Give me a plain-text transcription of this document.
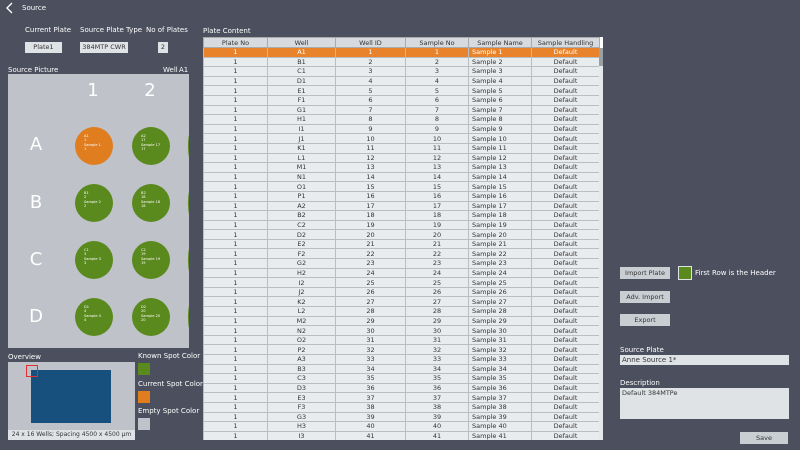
Source
Current Plate
Plate1
Source Plate Type
384MTP CWR
No of Plates
2
Source Picture	Well A1
1	2
A
B
C
D
A1
1
Sample 1
1
A2
17
Sample 17
17
B1
2
Sample 2
2
B2
18
Sample 18
18
C1
3
Sample 3
3
C2
19
Sample 19
19
D1
4
Sample 4
4
D2
20
Sample 20
20
Overview
24 x 16 Wells; Spacing 4500 x 4500 µm
Known Spot Color
Current Spot Color
Empty Spot Color
Plate Content
Plate No	Well	Well ID	Sample No	Sample Name	Sample Handling
1	A1	1	1	Sample 1	Default
1	B1	2	2	Sample 2	Default
1	C1	3	3	Sample 3	Default
1	D1	4	4	Sample 4	Default
1	E1	5	5	Sample 5	Default
1	F1	6	6	Sample 6	Default
1	G1	7	7	Sample 7	Default
1	H1	8	8	Sample 8	Default
1	I1	9	9	Sample 9	Default
1	J1	10	10	Sample 10	Default
1	K1	11	11	Sample 11	Default
1	L1	12	12	Sample 12	Default
1	M1	13	13	Sample 13	Default
1	N1	14	14	Sample 14	Default
1	O1	15	15	Sample 15	Default
1	P1	16	16	Sample 16	Default
1	A2	17	17	Sample 17	Default
1	B2	18	18	Sample 18	Default
1	C2	19	19	Sample 19	Default
1	D2	20	20	Sample 20	Default
1	E2	21	21	Sample 21	Default
1	F2	22	22	Sample 22	Default
1	G2	23	23	Sample 23	Default
1	H2	24	24	Sample 24	Default
1	I2	25	25	Sample 25	Default
1	J2	26	26	Sample 26	Default
1	K2	27	27	Sample 27	Default
1	L2	28	28	Sample 28	Default
1	M2	29	29	Sample 29	Default
1	N2	30	30	Sample 30	Default
1	O2	31	31	Sample 31	Default
1	P2	32	32	Sample 32	Default
1	A3	33	33	Sample 33	Default
1	B3	34	34	Sample 34	Default
1	C3	35	35	Sample 35	Default
1	D3	36	36	Sample 36	Default
1	E3	37	37	Sample 37	Default
1	F3	38	38	Sample 38	Default
1	G3	39	39	Sample 39	Default
1	H3	40	40	Sample 40	Default
1	I3	41	41	Sample 41	Default
Import Plate	First Row is the Header
Adv. Import
Export
Source Plate
Anne Source 1*
Description
Default 384MTPe
Save
